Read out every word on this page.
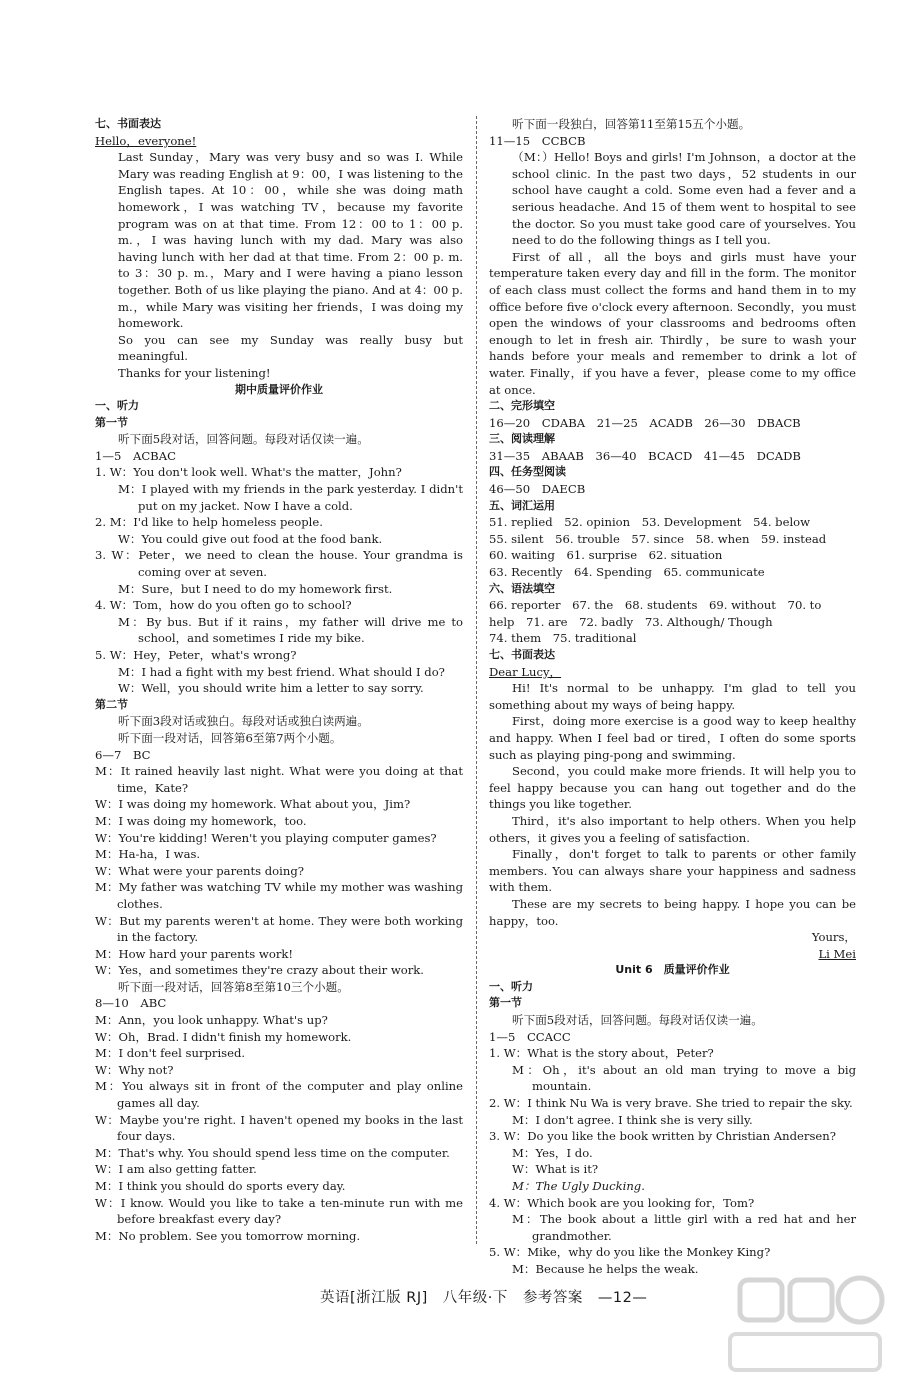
七、书面表达
Hello，everyone!
Last Sunday，Mary was very busy and so was I. While Mary was reading English at 9：00，I was listening to the English tapes. At 10：00，while she was doing math homework，I was watching TV，because my favorite program was on at that time. From 12：00 to 1：00 p. m.，I was having lunch with my dad. Mary was also having lunch with her dad at that time. From 2：00 p. m. to 3：30 p. m.，Mary and I were having a piano lesson together. Both of us like playing the piano. And at 4：00 p. m.，while Mary was visiting her friends，I was doing my homework.
So you can see my Sunday was really busy but meaningful.
Thanks for your listening!
期中质量评价作业
一、听力
第一节
听下面5段对话，回答问题。每段对话仅读一遍。
1—5　ACBAC
1. W：You don't look well. What's the matter，John?
M：I played with my friends in the park yesterday. I didn't put on my jacket. Now I have a cold.
2. M：I'd like to help homeless people.
W：You could give out food at the food bank.
3. W：Peter，we need to clean the house. Your grandma is coming over at seven.
M：Sure，but I need to do my homework first.
4. W：Tom，how do you often go to school?
M：By bus. But if it rains，my father will drive me to school，and sometimes I ride my bike.
5. W：Hey，Peter，what's wrong?
M：I had a fight with my best friend. What should I do?
W：Well，you should write him a letter to say sorry.
第二节
听下面3段对话或独白。每段对话或独白读两遍。
听下面一段对话，回答第6至第7两个小题。
6—7　BC
M：It rained heavily last night. What were you doing at that time，Kate?
W：I was doing my homework. What about you，Jim?
M：I was doing my homework，too.
W：You're kidding! Weren't you playing computer games?
M：Ha-ha，I was.
W：What were your parents doing?
M：My father was watching TV while my mother was washing clothes.
W：But my parents weren't at home. They were both working in the factory.
M：How hard your parents work!
W：Yes，and sometimes they're crazy about their work.
听下面一段对话，回答第8至第10三个小题。
8—10　ABC
M：Ann，you look unhappy. What's up?
W：Oh，Brad. I didn't finish my homework.
M：I don't feel surprised.
W：Why not?
M：You always sit in front of the computer and play online games all day.
W：Maybe you're right. I haven't opened my books in the last four days.
M：That's why. You should spend less time on the computer.
W：I am also getting fatter.
M：I think you should do sports every day.
W：I know. Would you like to take a ten-minute run with me before breakfast every day?
M：No problem. See you tomorrow morning.
听下面一段独白，回答第11至第15五个小题。
11—15　CCBCB
（M：）Hello! Boys and girls! I'm Johnson，a doctor at the school clinic. In the past two days，52 students in our school have caught a cold. Some even had a fever and a serious headache. And 15 of them went to hospital to see the doctor. So you must take good care of yourselves. You need to do the following things as I tell you.
First of all，all the boys and girls must have your temperature taken every day and fill in the form. The monitor of each class must collect the forms and hand them in to my office before five o'clock every afternoon. Secondly，you must open the windows of your classrooms and bedrooms often enough to let in fresh air. Thirdly，be sure to wash your hands before your meals and remember to drink a lot of water. Finally，if you have a fever，please come to my office at once.
二、完形填空
16—20　CDABA　21—25　ACADB　26—30　DBACB
三、阅读理解
31—35　ABAAB　36—40　BCACD　41—45　DCADB
四、任务型阅读
46—50　DAECB
五、词汇运用
51. replied　52. opinion　53. Development　54. below
55. silent　56. trouble　57. since　58. when　59. instead
60. waiting　61. surprise　62. situation
63. Recently　64. Spending　65. communicate
六、语法填空
66. reporter　67. the　68. students　69. without　70. to
help　71. are　72. badly　73. Although/ Though
74. them　75. traditional
七、书面表达
Dear Lucy，
Hi! It's normal to be unhappy. I'm glad to tell you something about my ways of being happy.
First，doing more exercise is a good way to keep healthy and happy. When I feel bad or tired，I often do some sports such as playing ping-pong and swimming.
Second，you could make more friends. It will help you to feel happy because you can hang out together and do the things you like together.
Third，it's also important to help others. When you help others，it gives you a feeling of satisfaction.
Finally，don't forget to talk to parents or other family members. You can always share your happiness and sadness with them.
These are my secrets to being happy. I hope you can be happy，too.
Yours，
Li Mei
Unit 6　质量评价作业
一、听力
第一节
听下面5段对话，回答问题。每段对话仅读一遍。
1—5　CCACC
1. W：What is the story about，Peter?
M：Oh，it's about an old man trying to move a big mountain.
2. W：I think Nu Wa is very brave. She tried to repair the sky.
M：I don't agree. I think she is very silly.
3. W：Do you like the book written by Christian Andersen?
M：Yes，I do.
W：What is it?
M：The Ugly Ducking.
4. W：Which book are you looking for，Tom?
M：The book about a little girl with a red hat and her grandmother.
5. W：Mike，why do you like the Monkey King?
M：Because he helps the weak.
英语[浙江版 RJ]　八年级·下　参考答案　—12—
